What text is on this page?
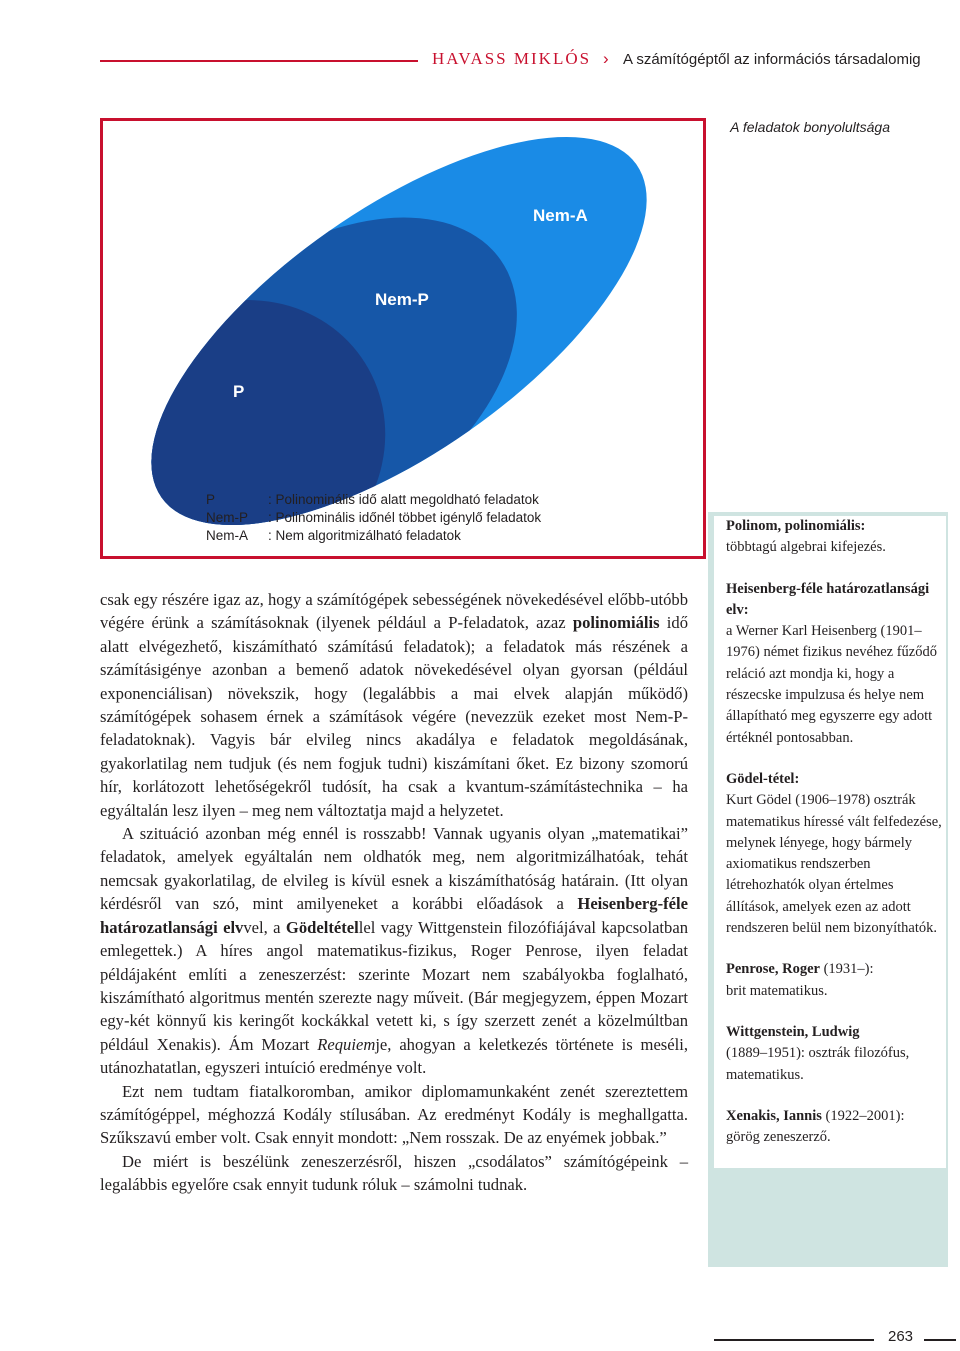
HAVASS MIKLÓS › A számítógéptől az információs társadalomig
A feladatok bonyolultsága
Nem-A
Nem-P
P
P	: Polinominális idő alatt megoldható feladatok
Nem-P	: Polinominális időnél többet igénylő feladatok
Nem-A	: Nem algoritmizálható feladatok

csak egy részére igaz az, hogy a számítógépek sebességének növekedésével előbb-utóbb végére érünk a számításoknak (ilyenek például a P-feladatok, azaz polinomiális idő alatt elvégezhető, kiszámítható számítású feladatok); a feladatok más részének a számításigénye azonban a bemenő adatok növekedésével olyan gyorsan (például exponenciálisan) növekszik, hogy (legalábbis a mai elvek alapján működő) számítógépek sohasem érnek a számítások végére (nevezzük ezeket most Nem-P-feladatoknak). Vagyis bár elvileg nincs akadálya e feladatok megoldásának, gyakorlatilag nem tudjuk (és nem fogjuk tudni) kiszámítani őket. Ez bizony szomorú hír, korlátozott lehetőségekről tudósít, ha csak a kvantum-számítástechnika – ha egyáltalán lesz ilyen – meg nem változtatja majd a helyzetet.

A szituáció azonban még ennél is rosszabb! Vannak ugyanis olyan „matematikai” feladatok, amelyek egyáltalán nem oldhatók meg, nem algoritmizálhatóak, tehát nemcsak gyakorlatilag, de elvileg is kívül esnek a kiszámíthatóság határain. (Itt olyan kérdésről van szó, mint amilyeneket a korábbi előadások a Heisenberg-féle határozatlansági elvvel, a Gödeltétellel vagy Wittgenstein filozófiájával kapcsolatban emlegettek.) A híres angol matematikus-fizikus, Roger Penrose, ilyen feladat példájaként említi a zeneszerzést: szerinte Mozart nem szabályokba foglalható, kiszámítható algoritmus mentén szerezte nagy műveit. (Bár megjegyzem, éppen Mozart egy-két könnyű kis keringőt kockákkal vetett ki, s így szerzett zenét a közelmúltban például Xenakis). Ám Mozart Requiemje, ahogyan a keletkezés története is meséli, utánozhatatlan, egyszeri intuíció eredménye volt.

Ezt nem tudtam fiatalkoromban, amikor diplomamunkaként zenét szereztettem számítógéppel, méghozzá Kodály stílusában. Az eredményt Kodály is meghallgatta. Szűkszavú ember volt. Csak ennyit mondott: „Nem rosszak. De az enyémek jobbak.”

De miért is beszélünk zeneszerzésről, hiszen „csodálatos” számítógépeink – legalábbis egyelőre csak ennyit tudunk róluk – számolni tudnak.

Polinom, polinomiális:
többtagú algebrai kifejezés.
Heisenberg-féle határozatlansági elv:
a Werner Karl Heisenberg (1901–1976) német fizikus nevéhez fűződő reláció azt mondja ki, hogy a részecske impulzusa és helye nem állapítható meg egyszerre egy adott értéknél pontosabban.
Gödel-tétel:
Kurt Gödel (1906–1978) osztrák matematikus híressé vált felfedezése, melynek lényege, hogy bármely axiomatikus rendszerben létrehozhatók olyan értelmes állítások, amelyek ezen az adott rendszeren belül nem bizonyíthatók.
Penrose, Roger (1931–):
brit matematikus.
Wittgenstein, Ludwig
(1889–1951): osztrák filozófus, matematikus.
Xenakis, Iannis (1922–2001):
görög zeneszerző.
263
